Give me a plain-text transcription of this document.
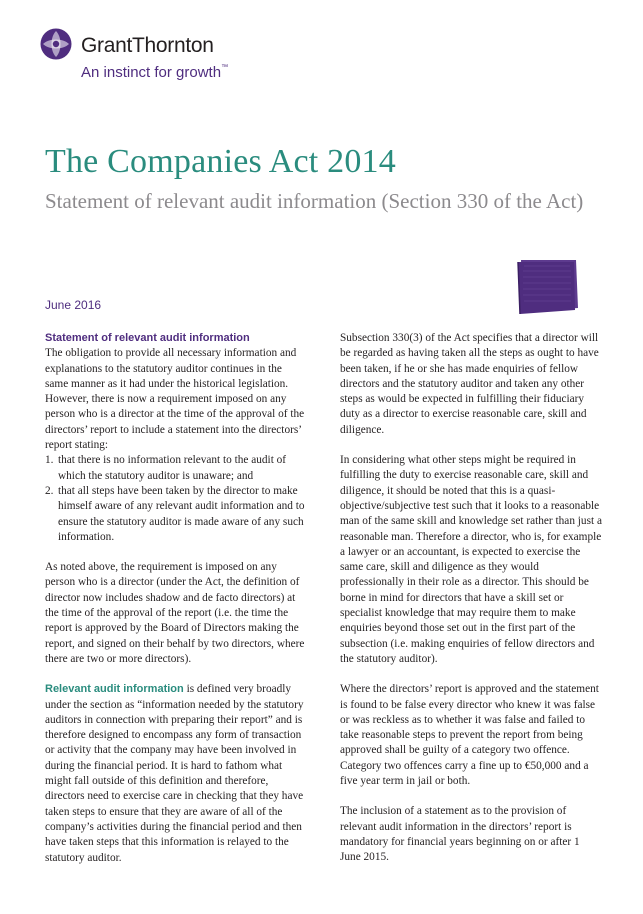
GrantThornton
An instinct for growth™
The Companies Act 2014
Statement of relevant audit information (Section 330 of the Act)
June 2016

Statement of relevant audit information

The obligation to provide all necessary information and explanations to the statutory auditor continues in the same manner as it had under the historical legislation.

However, there is now a requirement imposed on any person who is a director at the time of the approval of the directors’ report to include a statement into the directors’ report stating:

1. that there is no information relevant to the audit of which the statutory auditor is unaware; and
2. that all steps have been taken by the director to make himself aware of any relevant audit information and to ensure the statutory auditor is made aware of any such information.

As noted above, the requirement is imposed on any person who is a director (under the Act, the definition of director now includes shadow and de facto directors) at the time of the approval of the report (i.e. the time the report is approved by the Board of Directors making the report, and signed on their behalf by two directors, where there are two or more directors).

Relevant audit information is defined very broadly under the section as “information needed by the statutory auditors in connection with preparing their report” and is therefore designed to encompass any form of transaction or activity that the company may have been involved in during the financial period. It is hard to fathom what might fall outside of this definition and therefore, directors need to exercise care in checking that they have taken steps to ensure that they are aware of all of the company’s activities during the financial period and then have taken steps that this information is relayed to the statutory auditor.

Subsection 330(3) of the Act specifies that a director will be regarded as having taken all the steps as ought to have been taken, if he or she has made enquiries of fellow directors and the statutory auditor and taken any other steps as would be expected in fulfilling their fiduciary duty as a director to exercise reasonable care, skill and diligence.

In considering what other steps might be required in fulfilling the duty to exercise reasonable care, skill and diligence, it should be noted that this is a quasi-objective/subjective test such that it looks to a reasonable man of the same skill and knowledge set rather than just a reasonable man. Therefore a director, who is, for example a lawyer or an accountant, is expected to exercise the same care, skill and diligence as they would professionally in their role as a director. This should be borne in mind for directors that have a skill set or specialist knowledge that may require them to make enquiries beyond those set out in the first part of the subsection (i.e. making enquiries of fellow directors and the statutory auditor).

Where the directors’ report is approved and the statement is found to be false every director who knew it was false or was reckless as to whether it was false and failed to take reasonable steps to prevent the report from being approved shall be guilty of a category two offence. Category two offences carry a fine up to €50,000 and a five year term in jail or both.

The inclusion of a statement as to the provision of relevant audit information in the directors’ report is mandatory for financial years beginning on or after 1 June 2015.
